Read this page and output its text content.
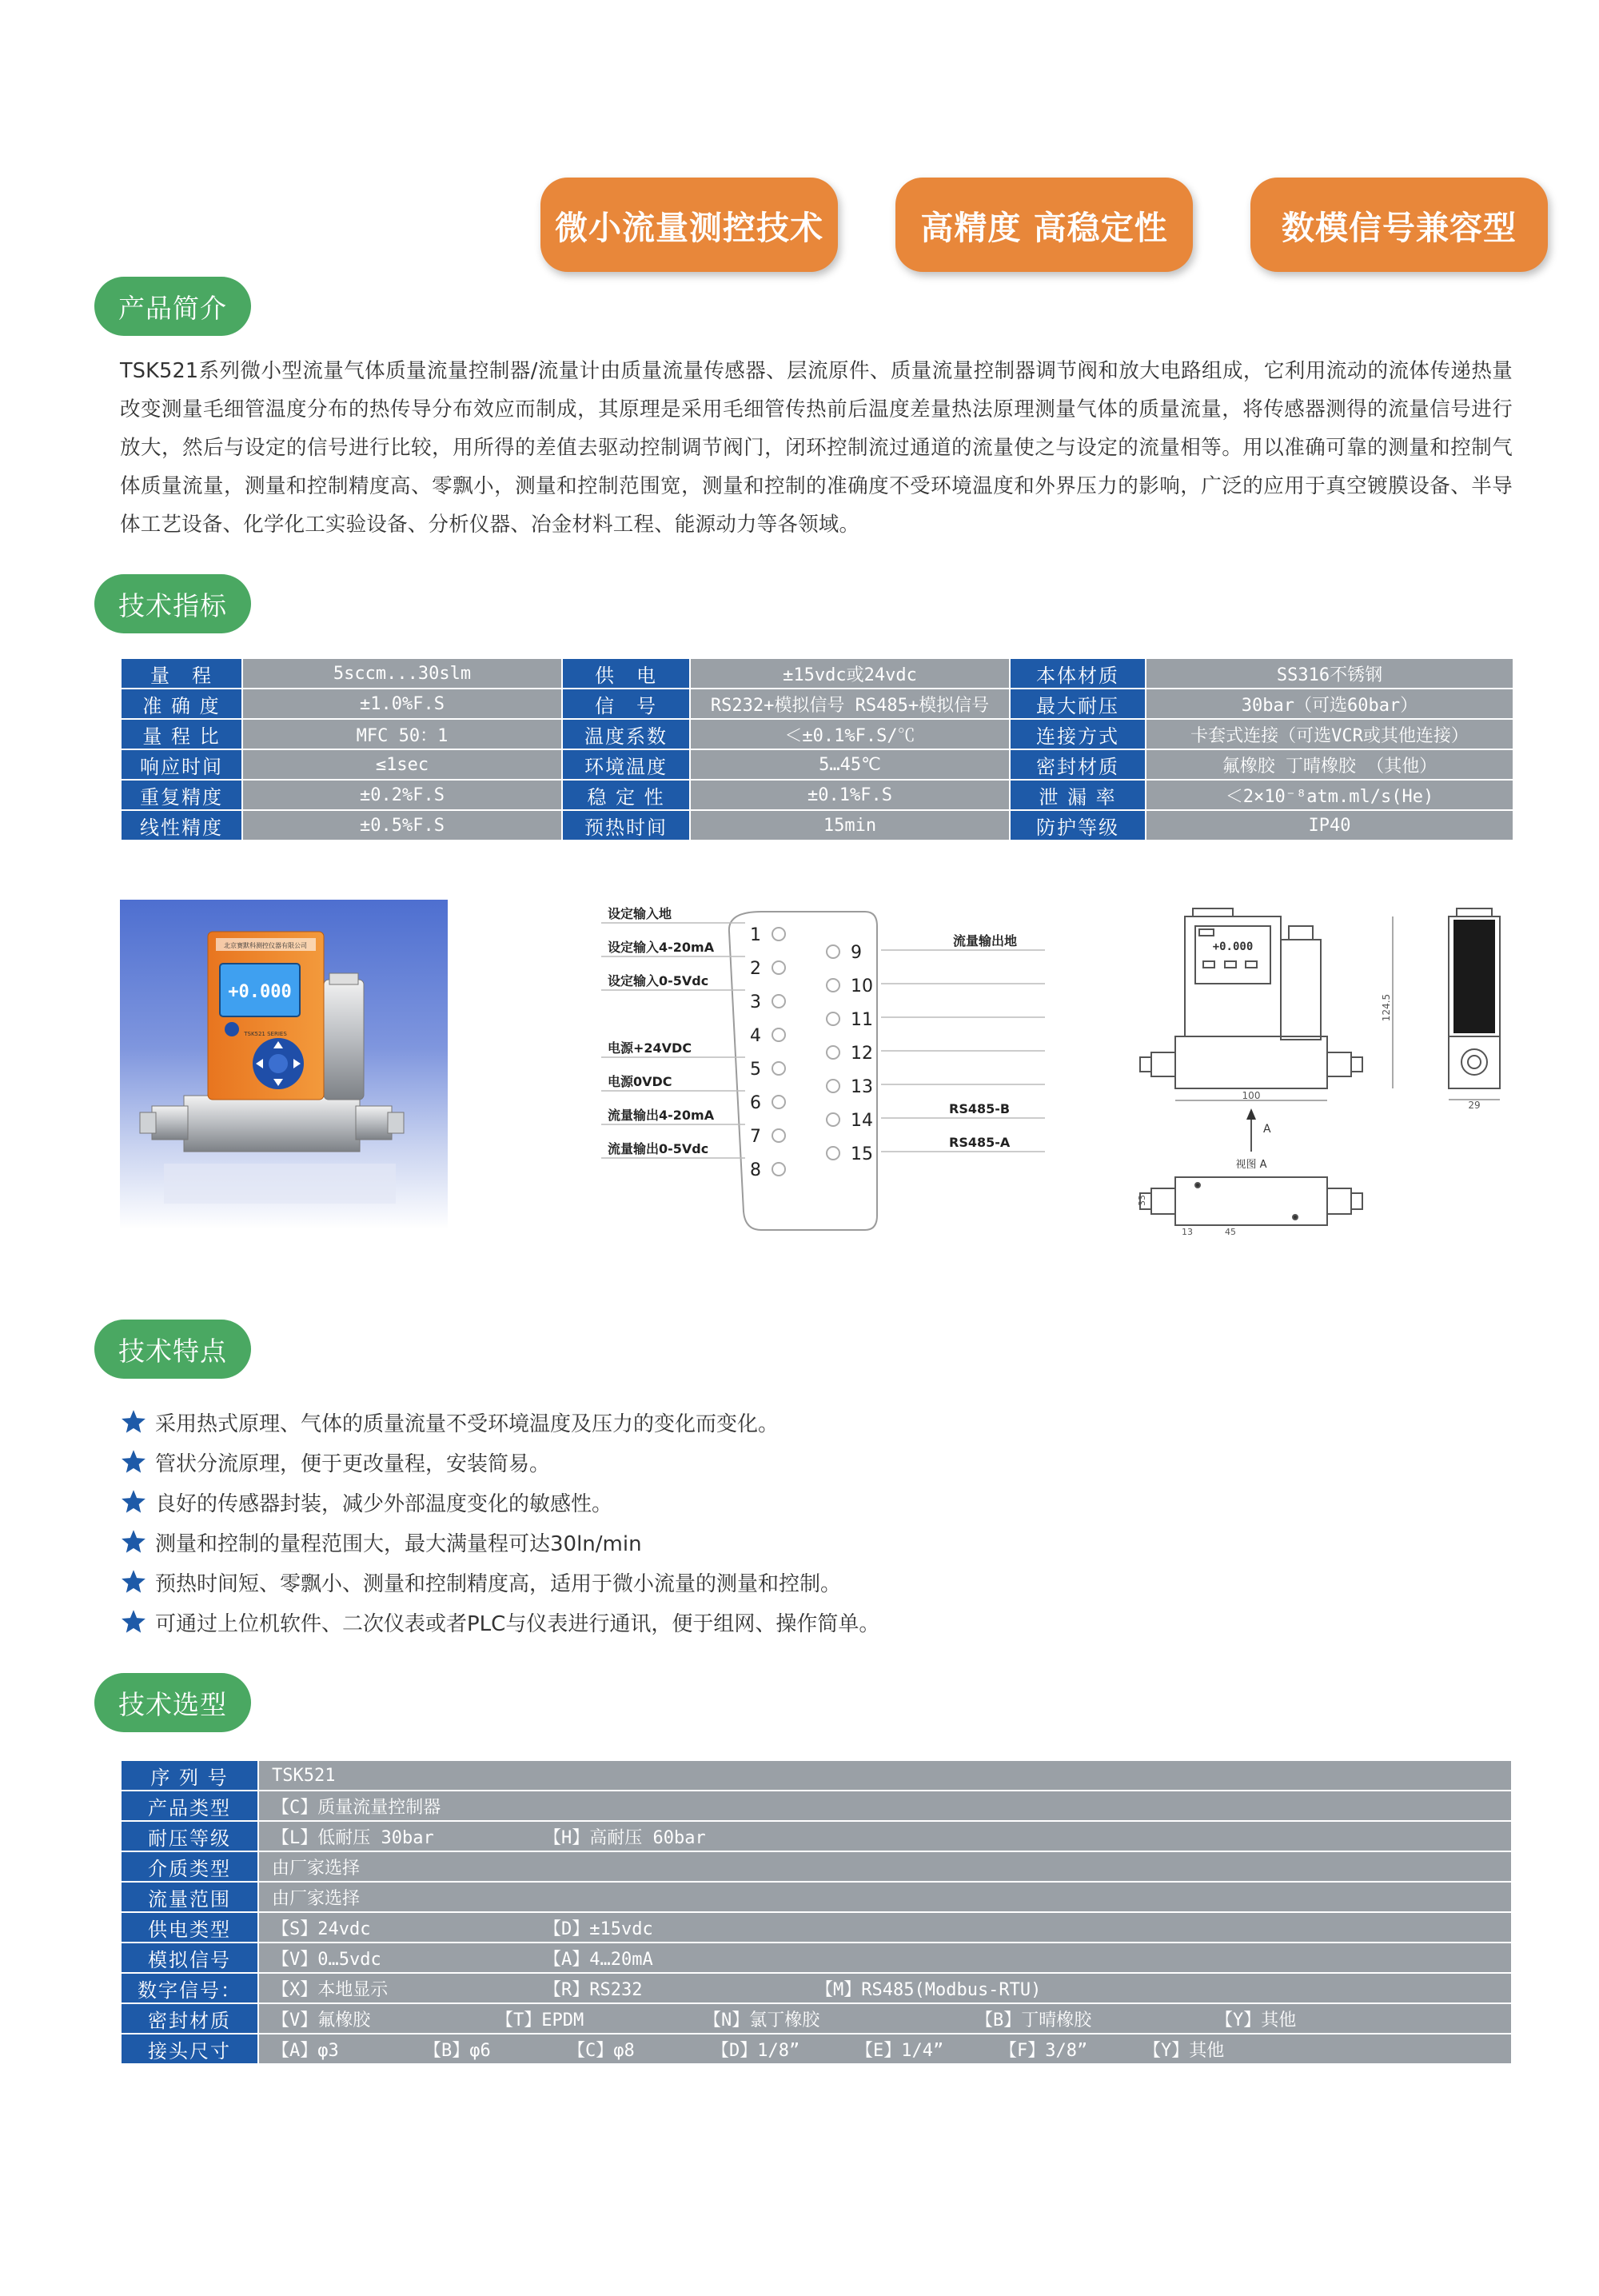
微小流量测控技术	高精度 高稳定性	数模信号兼容型
产品简介

TSK521系列微小型流量气体质量流量控制器/流量计由质量流量传感器、层流原件、质量流量控制器调节阀和放大电路组成，它利用流动的流体传递热量改变测量毛细管温度分布的热传导分布效应而制成，其原理是采用毛细管传热前后温度差量热法原理测量气体的质量流量，将传感器测得的流量信号进行放大，然后与设定的信号进行比较，用所得的差值去驱动控制调节阀门，闭环控制流过通道的流量使之与设定的流量相等。用以准确可靠的测量和控制气体质量流量，测量和控制精度高、零飘小，测量和控制范围宽，测量和控制的准确度不受环境温度和外界压力的影响，广泛的应用于真空镀膜设备、半导体工艺设备、化学化工实验设备、分析仪器、冶金材料工程、能源动力等各领域。

技术指标
量　程	5sccm...30slm	供　电	±15vdc或24vdc	本体材质	SS316不锈钢
准 确 度	±1.0%F.S	信　号	RS232+模拟信号 RS485+模拟信号	最大耐压	30bar（可选60bar）
量 程 比	MFC 50：1	温度系数	＜±0.1%F.S/℃	连接方式	卡套式连接（可选VCR或其他连接）
响应时间	≤1sec	环境温度	5…45℃	密封材质	氟橡胶 丁晴橡胶 （其他）
重复精度	±0.2%F.S	稳 定 性	±0.1%F.S	泄 漏 率	＜2×10⁻⁸atm.ml/s(He)
线性精度	±0.5%F.S	预热时间	15min	防护等级	IP40
北京赛默科测控仪器有限公司
+0.000
TSK521 SERIES
1
设定输入地
2
设定输入4-20mA
3
设定输入0-5Vdc
4
5
电源+24VDC
6
电源0VDC
7
流量输出4-20mA
8
流量输出0-5Vdc
9
流量输出地
10
11
12
13
14
RS485-B
15
RS485-A
+0.000
100
124.5
29
A
视图 A
33
13	45
技术特点
采用热式原理、气体的质量流量不受环境温度及压力的变化而变化。
管状分流原理，便于更改量程，安装简易。
良好的传感器封装，减少外部温度变化的敏感性。
测量和控制的量程范围大，最大满量程可达30ln/min
预热时间短、零飘小、测量和控制精度高，适用于微小流量的测量和控制。
可通过上位机软件、二次仪表或者PLC与仪表进行通讯，便于组网、操作简单。
技术选型
序 列 号	TSK521
产品类型	【C】质量流量控制器
耐压等级	【L】低耐压 30bar 【H】高耐压 60bar
介质类型	由厂家选择
流量范围	由厂家选择
供电类型	【S】24vdc 【D】±15vdc
模拟信号	【V】0…5vdc 【A】4…20mA
数字信号：	【X】本地显示 【R】RS232 【M】RS485(Modbus-RTU)
密封材质	【V】氟橡胶 【T】EPDM 【N】氯丁橡胶 【B】丁晴橡胶 【Y】其他
接头尺寸	【A】φ3 【B】φ6 【C】φ8 【D】1/8” 【E】1/4” 【F】3/8” 【Y】其他
